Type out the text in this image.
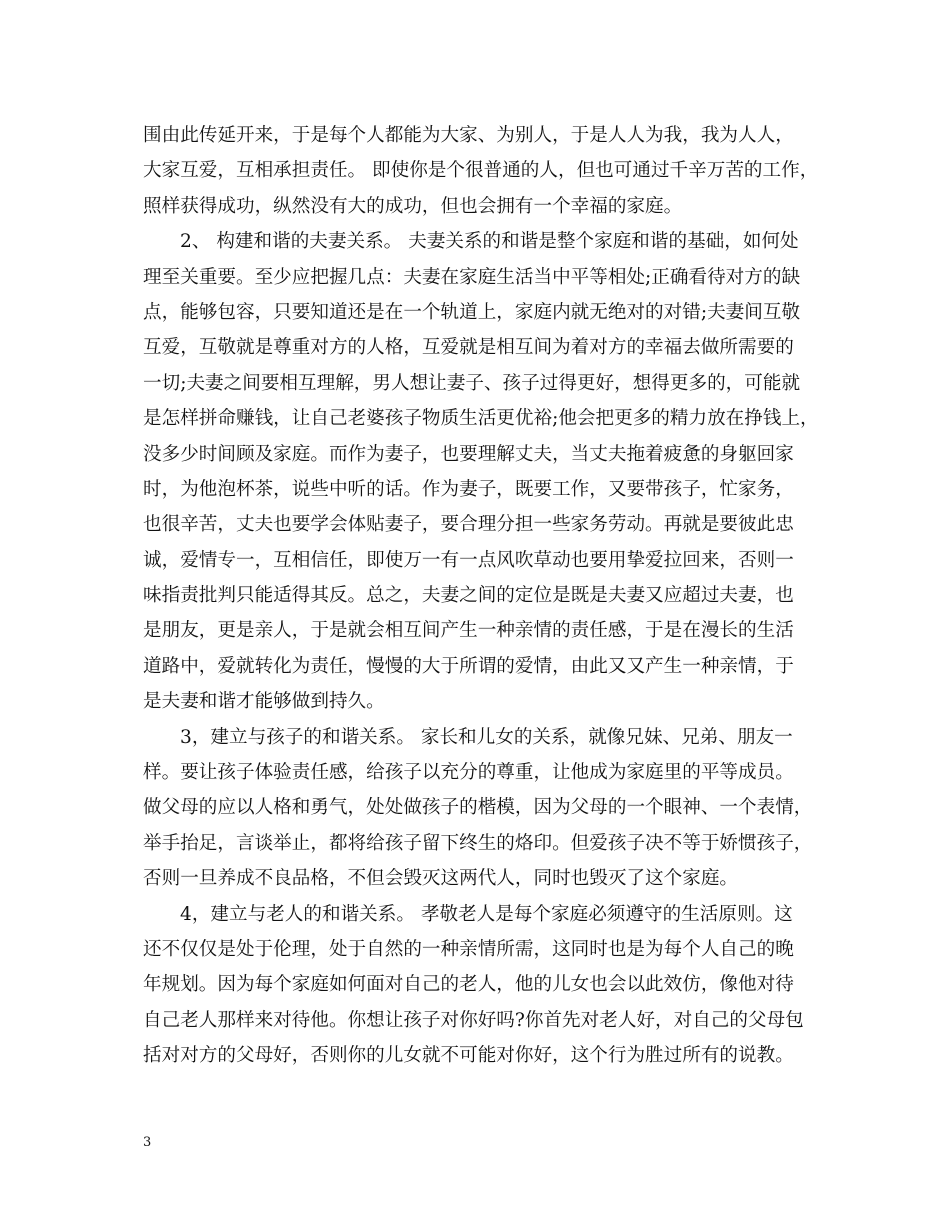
围由此传延开来，于是每个人都能为大家、为别人，于是人人为我，我为人人，
大家互爱，互相承担责任。 即使你是个很普通的人，但也可通过千辛万苦的工作，
照样获得成功，纵然没有大的成功，但也会拥有一个幸福的家庭。
2、 构建和谐的夫妻关系。 夫妻关系的和谐是整个家庭和谐的基础，如何处
理至关重要。至少应把握几点：夫妻在家庭生活当中平等相处;正确看待对方的缺
点，能够包容，只要知道还是在一个轨道上，家庭内就无绝对的对错;夫妻间互敬
互爱，互敬就是尊重对方的人格，互爱就是相互间为着对方的幸福去做所需要的
一切;夫妻之间要相互理解，男人想让妻子、孩子过得更好，想得更多的，可能就
是怎样拼命赚钱，让自己老婆孩子物质生活更优裕;他会把更多的精力放在挣钱上，
没多少时间顾及家庭。而作为妻子，也要理解丈夫，当丈夫拖着疲惫的身躯回家
时，为他泡杯茶，说些中听的话。作为妻子，既要工作，又要带孩子，忙家务，
也很辛苦，丈夫也要学会体贴妻子，要合理分担一些家务劳动。再就是要彼此忠
诚，爱情专一，互相信任，即使万一有一点风吹草动也要用挚爱拉回来，否则一
味指责批判只能适得其反。总之，夫妻之间的定位是既是夫妻又应超过夫妻，也
是朋友，更是亲人，于是就会相互间产生一种亲情的责任感，于是在漫长的生活
道路中，爱就转化为责任，慢慢的大于所谓的爱情，由此又又产生一种亲情，于
是夫妻和谐才能够做到持久。
3，建立与孩子的和谐关系。 家长和儿女的关系，就像兄妹、兄弟、朋友一
样。要让孩子体验责任感，给孩子以充分的尊重，让他成为家庭里的平等成员。
做父母的应以人格和勇气，处处做孩子的楷模，因为父母的一个眼神、一个表情，
举手抬足，言谈举止，都将给孩子留下终生的烙印。但爱孩子决不等于娇惯孩子，
否则一旦养成不良品格，不但会毁灭这两代人，同时也毁灭了这个家庭。
4，建立与老人的和谐关系。 孝敬老人是每个家庭必须遵守的生活原则。这
还不仅仅是处于伦理，处于自然的一种亲情所需，这同时也是为每个人自己的晚
年规划。因为每个家庭如何面对自己的老人，他的儿女也会以此效仿，像他对待
自己老人那样来对待他。你想让孩子对你好吗?你首先对老人好，对自己的父母包
括对对方的父母好，否则你的儿女就不可能对你好，这个行为胜过所有的说教。
3
